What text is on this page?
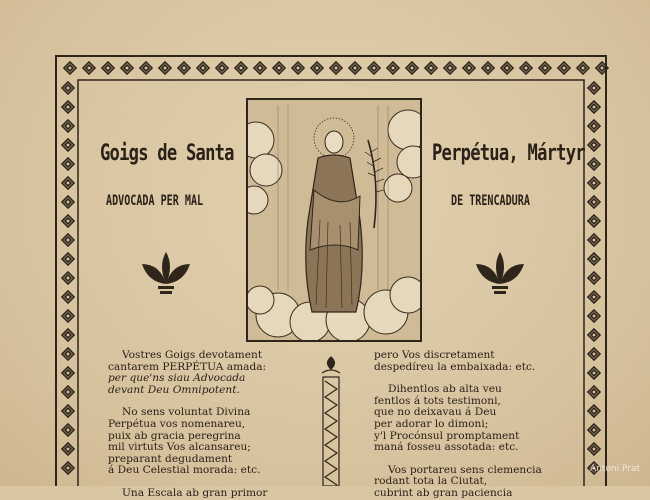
Goigs de Santa	Perpétua, Mártyr
ADVOCADA PER MAL	DE TRENCADURA
Vostres Goigs devotament
cantarem PERPÉTUA amada:
per que'ns siau Advocada
devant Deu Omnipotent.
No sens voluntat Divina
Perpétua vos nomenareu,
puix ab gracia peregrina
mil virtuts Vos alcansareu;
preparant degudament
á Deu Celestial morada: etc.
Una Escala ab gran primor
pero Vos discretament
despedíreu la embaixada: etc.
Dihentlos ab alta veu
fentlos á tots testimoni,
que no deixavau á Deu
per adorar lo dimoni;
y'l Procónsul promptament
maná fosseu assotada: etc.
Vos portareu sens clemencia
rodant tota la Ciutat,
cubrint ab gran paciencia
Antoni Prat
